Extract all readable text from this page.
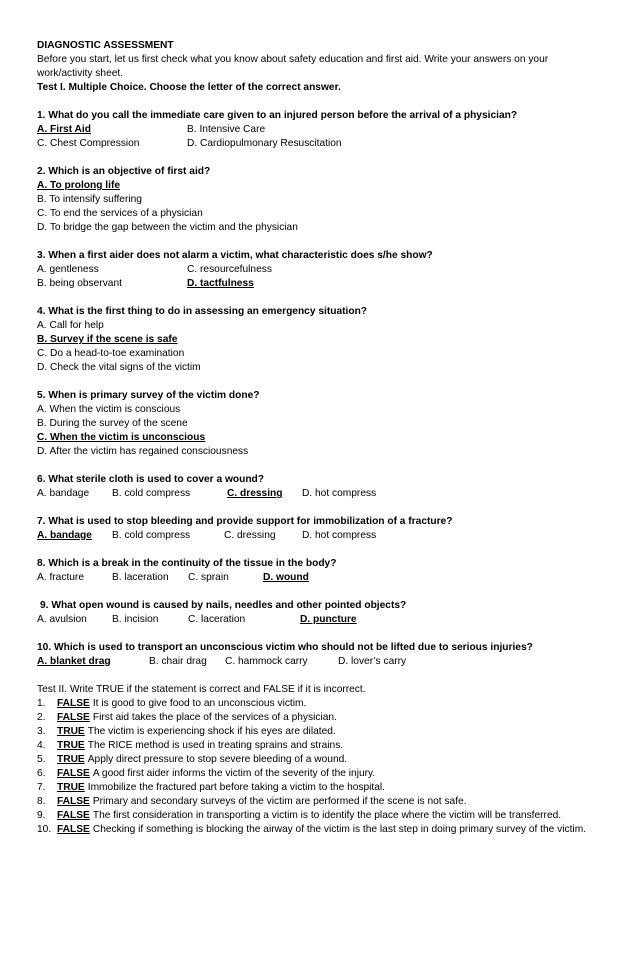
DIAGNOSTIC ASSESSMENT
Before you start, let us first check what you know about safety education and first aid. Write your answers on your
work/activity sheet.
Test I. Multiple Choice. Choose the letter of the correct answer.
1. What do you call the immediate care given to an injured person before the arrival of a physician?
A. First Aid	B. Intensive Care
C. Chest Compression	D. Cardiopulmonary Resuscitation
2. Which is an objective of first aid?
A. To prolong life
B. To intensify suffering
C. To end the services of a physician
D. To bridge the gap between the victim and the physician
3. When a first aider does not alarm a victim, what characteristic does s/he show?
A. gentleness	C. resourcefulness
B. being observant	D. tactfulness
4. What is the first thing to do in assessing an emergency situation?
A. Call for help
B. Survey if the scene is safe
C. Do a head-to-toe examination
D. Check the vital signs of the victim
5. When is primary survey of the victim done?
A. When the victim is conscious
B. During the survey of the scene
C. When the victim is unconscious
D. After the victim has regained consciousness
6. What sterile cloth is used to cover a wound?
A. bandage	B. cold compress	C. dressing	D. hot compress
7. What is used to stop bleeding and provide support for immobilization of a fracture?
A. bandage	B. cold compress	C. dressing	D. hot compress
8. Which is a break in the continuity of the tissue in the body?
A. fracture	B. laceration	C. sprain	D. wound
9. What open wound is caused by nails, needles and other pointed objects?
A. avulsion	B. incision	C. laceration	D. puncture
10. Which is used to transport an unconscious victim who should not be lifted due to serious injuries?
A. blanket drag	B. chair drag	C. hammock carry	D. lover’s carry
Test II. Write TRUE if the statement is correct and FALSE if it is incorrect.
1.	FALSE It is good to give food to an unconscious victim.
2.	FALSE First aid takes the place of the services of a physician.
3.	TRUE The victim is experiencing shock if his eyes are dilated.
4.	TRUE The RICE method is used in treating sprains and strains.
5.	TRUE Apply direct pressure to stop severe bleeding of a wound.
6.	FALSE A good first aider informs the victim of the severity of the injury.
7.	TRUE Immobilize the fractured part before taking a victim to the hospital.
8.	FALSE Primary and secondary surveys of the victim are performed if the scene is not safe.
9.	FALSE The first consideration in transporting a victim is to identify the place where the victim will be transferred.
10. FALSE Checking if something is blocking the airway of the victim is the last step in doing primary survey of the victim.
